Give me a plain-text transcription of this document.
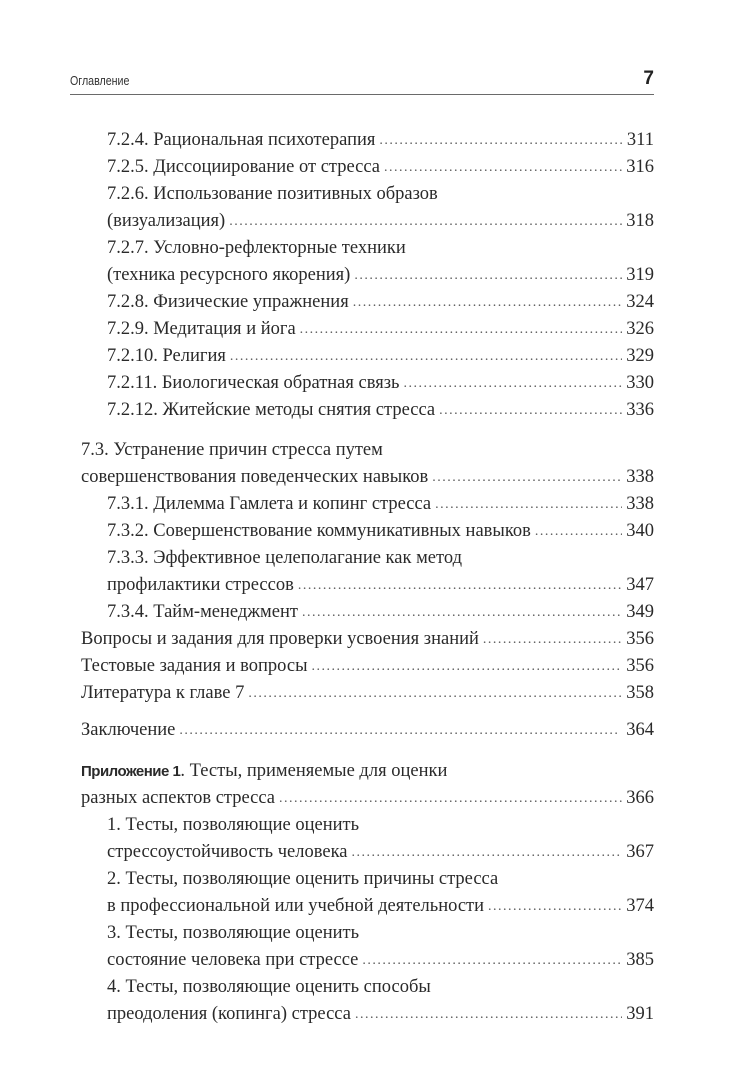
Оглавление	7
7.2.4. Рациональная психотерапия . . .	311
7.2.5. Диссоциирование от стресса . . .	316
7.2.6. Использование позитивных образов
(визуализация) . . .	318
7.2.7. Условно-рефлекторные техники
(техника ресурсного якорения) . . .	319
7.2.8. Физические упражнения . . .	324
7.2.9. Медитация и йога . . .	326
7.2.10. Религия . . .	329
7.2.11. Биологическая обратная связь . . .	330
7.2.12. Житейские методы снятия стресса . . .	336
7.3. Устранение причин стресса путем
совершенствования поведенческих навыков . . .	338
7.3.1. Дилемма Гамлета и копинг стресса . . .	338
7.3.2. Совершенствование коммуникативных навыков . . .	340
7.3.3. Эффективное целеполагание как метод
профилактики стрессов . . .	347
7.3.4. Тайм-менеджмент . . .	349
Вопросы и задания для проверки усвоения знаний . . .	356
Тестовые задания и вопросы . . .	356
Литература к главе 7 . . .	358
Заключение . . .	364
Приложение 1. Тесты, применяемые для оценки
разных аспектов стресса . . .	366
1. Тесты, позволяющие оценить
стрессоустойчивость человека . . .	367
2. Тесты, позволяющие оценить причины стресса
в профессиональной или учебной деятельности . . .	374
3. Тесты, позволяющие оценить
состояние человека при стрессе . . .	385
4. Тесты, позволяющие оценить способы
преодоления (копинга) стресса . . .	391
